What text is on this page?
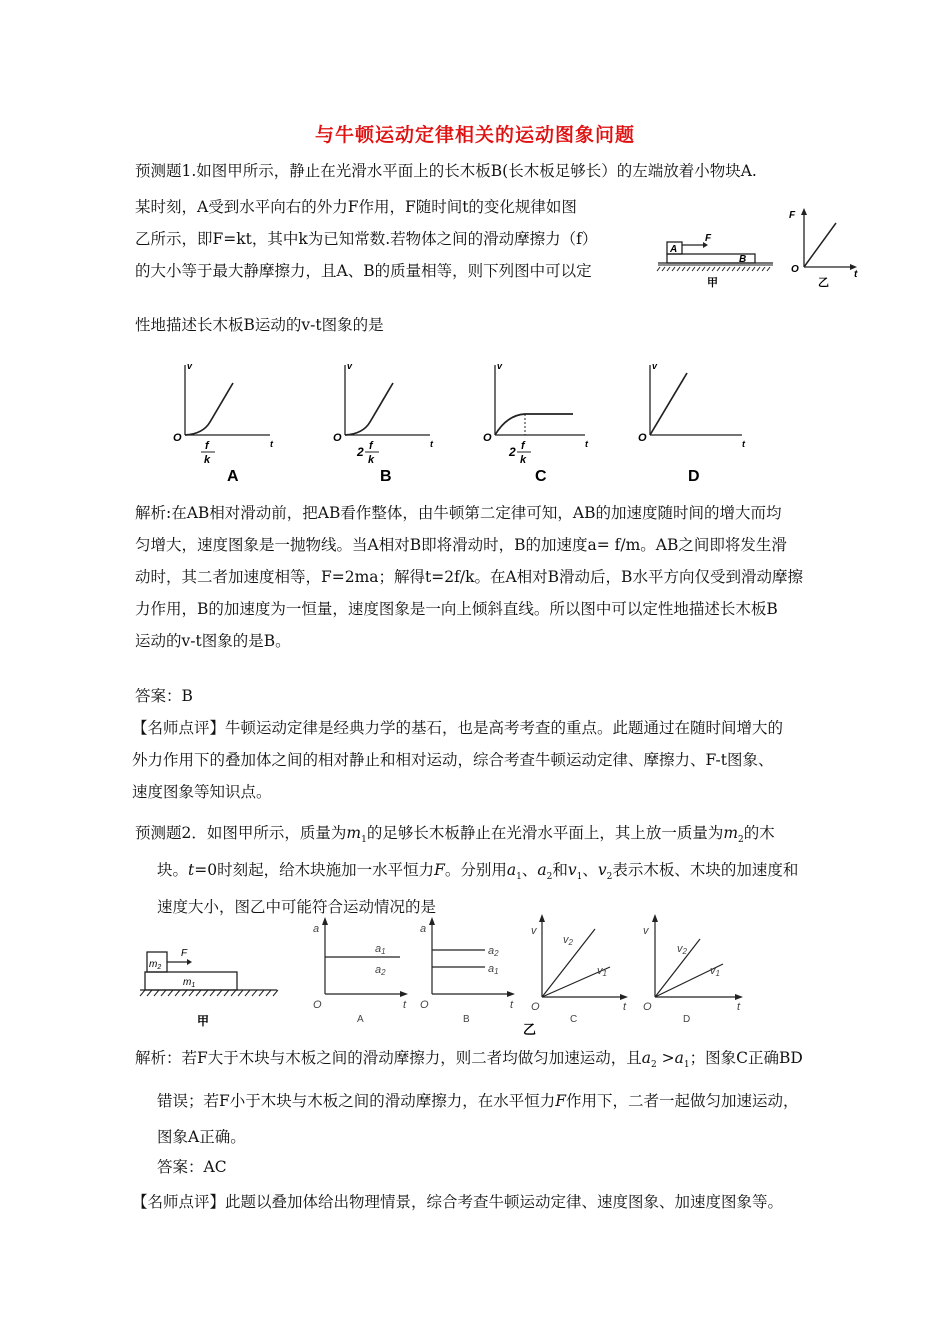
与牛顿运动定律相关的运动图象问题

预测题1.如图甲所示，静止在光滑水平面上的长木板B(长木板足够长）的左端放着小物块A.

某时刻，A受到水平向右的外力F作用，F随时间t的变化规律如图
乙所示，即F=kt，其中k为已知常数.若物体之间的滑动摩擦力（f）
的大小等于最大静摩擦力，且A、B的质量相等，则下列图中可以定

性地描述长木板B运动的v-t图象的是

A
F
B
甲
F
O	t
乙
v
O	t
f
k
A
v
O	t
2 f
k
B
v
O	t
2 f
k
C
v
O	t
D
解析:在AB相对滑动前，把AB看作整体，由牛顿第二定律可知，AB的加速度随时间的增大而均
匀增大，速度图象是一抛物线。当A相对B即将滑动时，B的加速度a= f/m。AB之间即将发生滑
动时，其二者加速度相等，F=2ma；解得t=2f/k。在A相对B滑动后，B水平方向仅受到滑动摩擦
力作用，B的加速度为一恒量，速度图象是一向上倾斜直线。所以图中可以定性地描述长木板B
运动的v-t图象的是B。
答案：B
【名师点评】牛顿运动定律是经典力学的基石，也是高考考查的重点。此题通过在随时间增大的
外力作用下的叠加体之间的相对静止和相对运动，综合考查牛顿运动定律、摩擦力、F-t图象、
速度图象等知识点。
预测题2．如图甲所示，质量为$m_1$的足够长木板静止在光滑水平面上，其上放一质量为$m_2$的木
块。t=0时刻起，给木块施加一水平恒力F。分别用$a_1$、$a_2$和$v_1$、$v_2$表示木板、木块的加速度和
速度大小，图乙中可能符合运动情况的是
$m_2$
F
$m_1$
甲
a
O	t
a1
a2
A
a
O	t
a2
a1
B
v
O	t
v2
v1
C
v
O	t
v2
v1
D
乙
解析：若F大于木块与木板之间的滑动摩擦力，则二者均做匀加速运动，且$a_2 >a_1$；图象C正确BD
错误；若F小于木块与木板之间的滑动摩擦力，在水平恒力F作用下，二者一起做匀加速运动，
图象A正确。
答案：AC
【名师点评】此题以叠加体给出物理情景，综合考查牛顿运动定律、速度图象、加速度图象等。
